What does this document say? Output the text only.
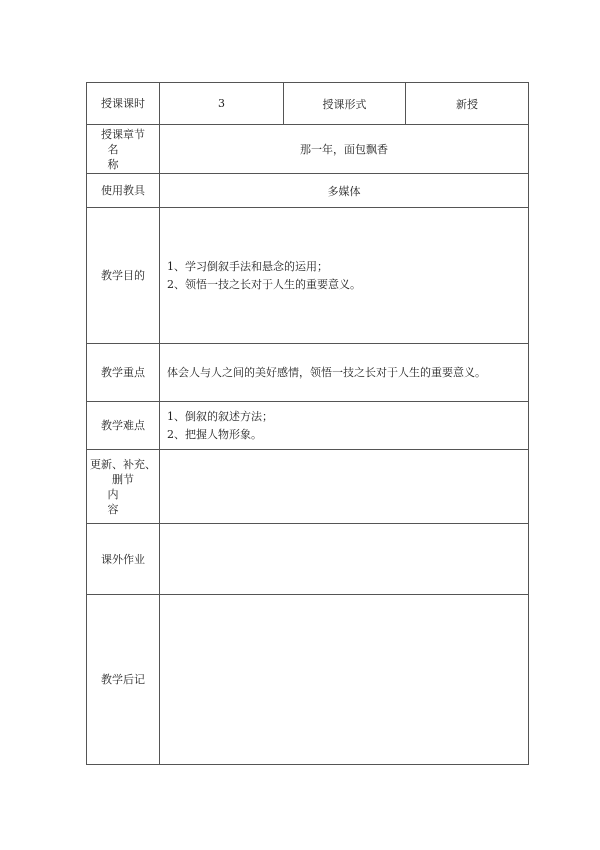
授课课时	3	授课形式	新授

授课章节
名 称	那一年，面包飘香		
使用教具	多媒体		
教学目的	1、学习倒叙手法和悬念的运用；
2、领悟一技之长对于人生的重要意义。		

教学重点	体会人与人之间的美好感情，领悟一技之长对于人生的重要意义。		
教学难点	1、倒叙的叙述方法；
2、把握人物形象。		

更新、补充、
删节
内 容			

课外作业			
教学后记			
